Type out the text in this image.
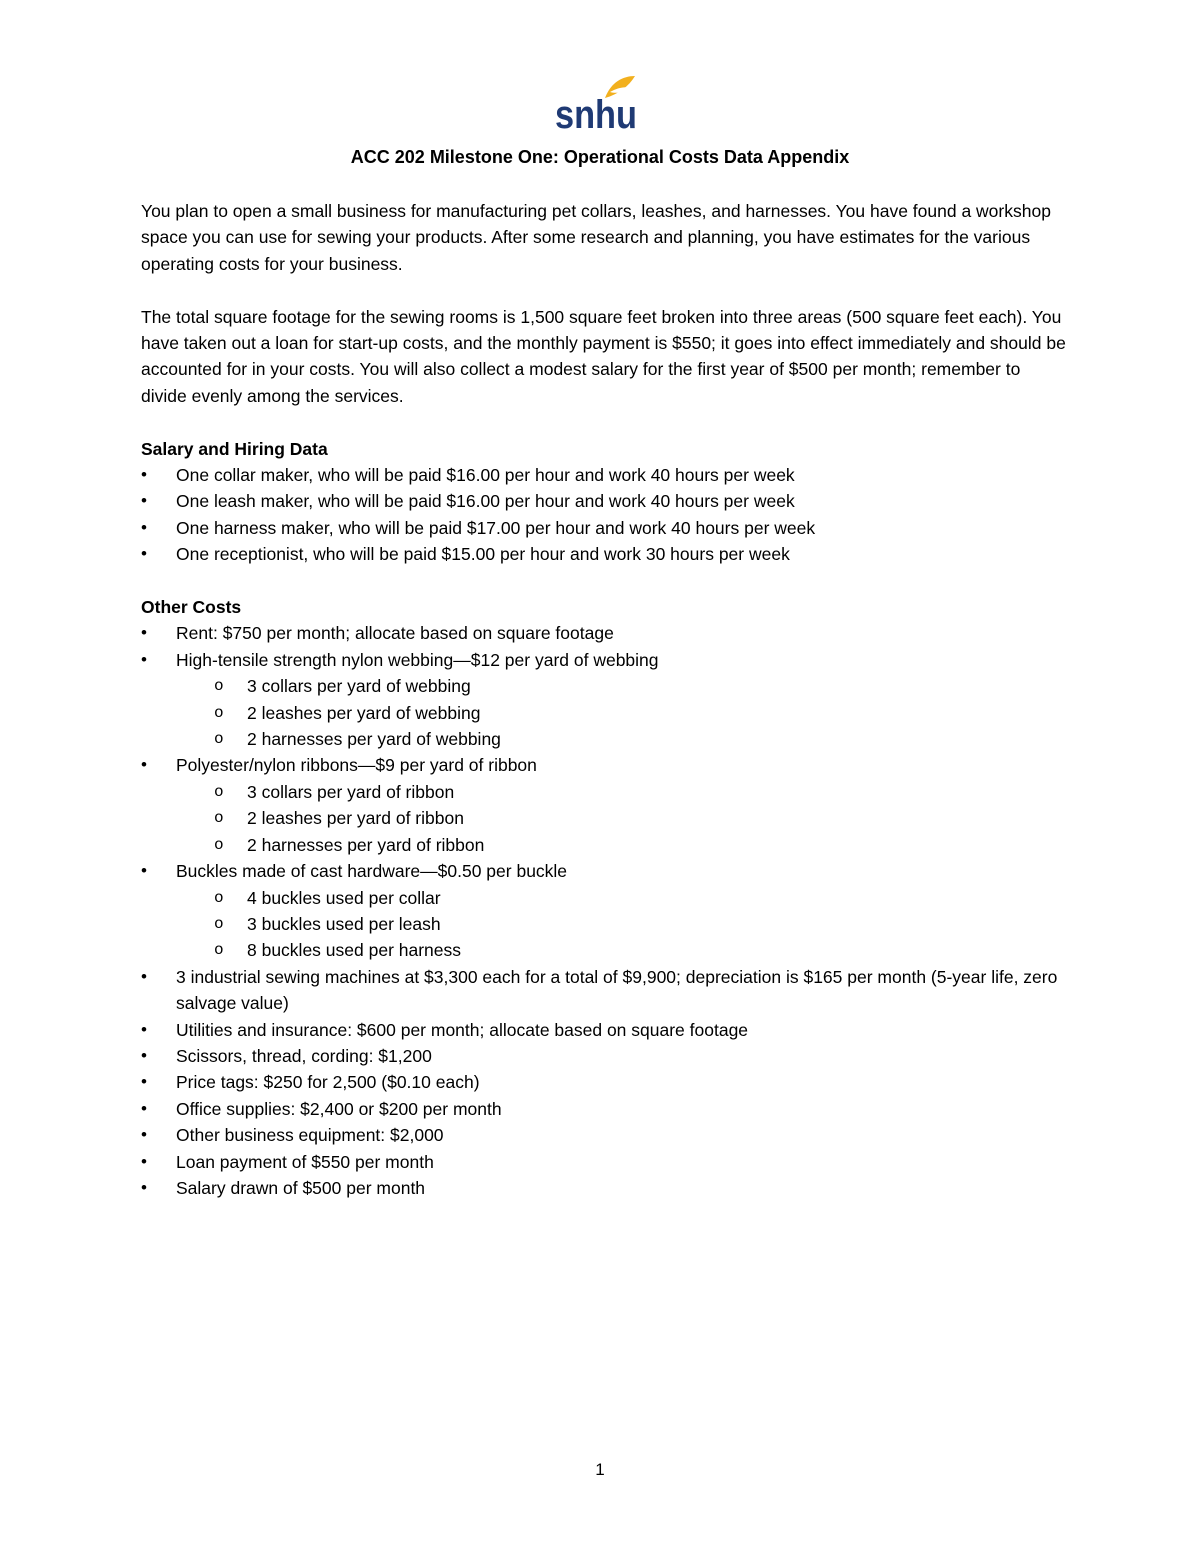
snhu
ACC 202 Milestone One: Operational Costs Data Appendix

You plan to open a small business for manufacturing pet collars, leashes, and harnesses. You have found a workshop space you can use for sewing your products. After some research and planning, you have estimates for the various operating costs for your business.

The total square footage for the sewing rooms is 1,500 square feet broken into three areas (500 square feet each). You have taken out a loan for start-up costs, and the monthly payment is $550; it goes into effect immediately and should be accounted for in your costs. You will also collect a modest salary for the first year of $500 per month; remember to divide evenly among the services.

Salary and Hiring Data
• One collar maker, who will be paid $16.00 per hour and work 40 hours per week
• One leash maker, who will be paid $16.00 per hour and work 40 hours per week
• One harness maker, who will be paid $17.00 per hour and work 40 hours per week
• One receptionist, who will be paid $15.00 per hour and work 30 hours per week
Other Costs
• Rent: $750 per month; allocate based on square footage
• High-tensile strength nylon webbing—$12 per yard of webbing
o 3 collars per yard of webbing
o 2 leashes per yard of webbing
o 2 harnesses per yard of webbing
• Polyester/nylon ribbons—$9 per yard of ribbon
o 3 collars per yard of ribbon
o 2 leashes per yard of ribbon
o 2 harnesses per yard of ribbon
• Buckles made of cast hardware—$0.50 per buckle
o 4 buckles used per collar
o 3 buckles used per leash
o 8 buckles used per harness
• 3 industrial sewing machines at $3,300 each for a total of $9,900; depreciation is $165 per month (5-year life, zero salvage value)
• Utilities and insurance: $600 per month; allocate based on square footage
• Scissors, thread, cording: $1,200
• Price tags: $250 for 2,500 ($0.10 each)
• Office supplies: $2,400 or $200 per month
• Other business equipment: $2,000
• Loan payment of $550 per month
• Salary drawn of $500 per month
1
